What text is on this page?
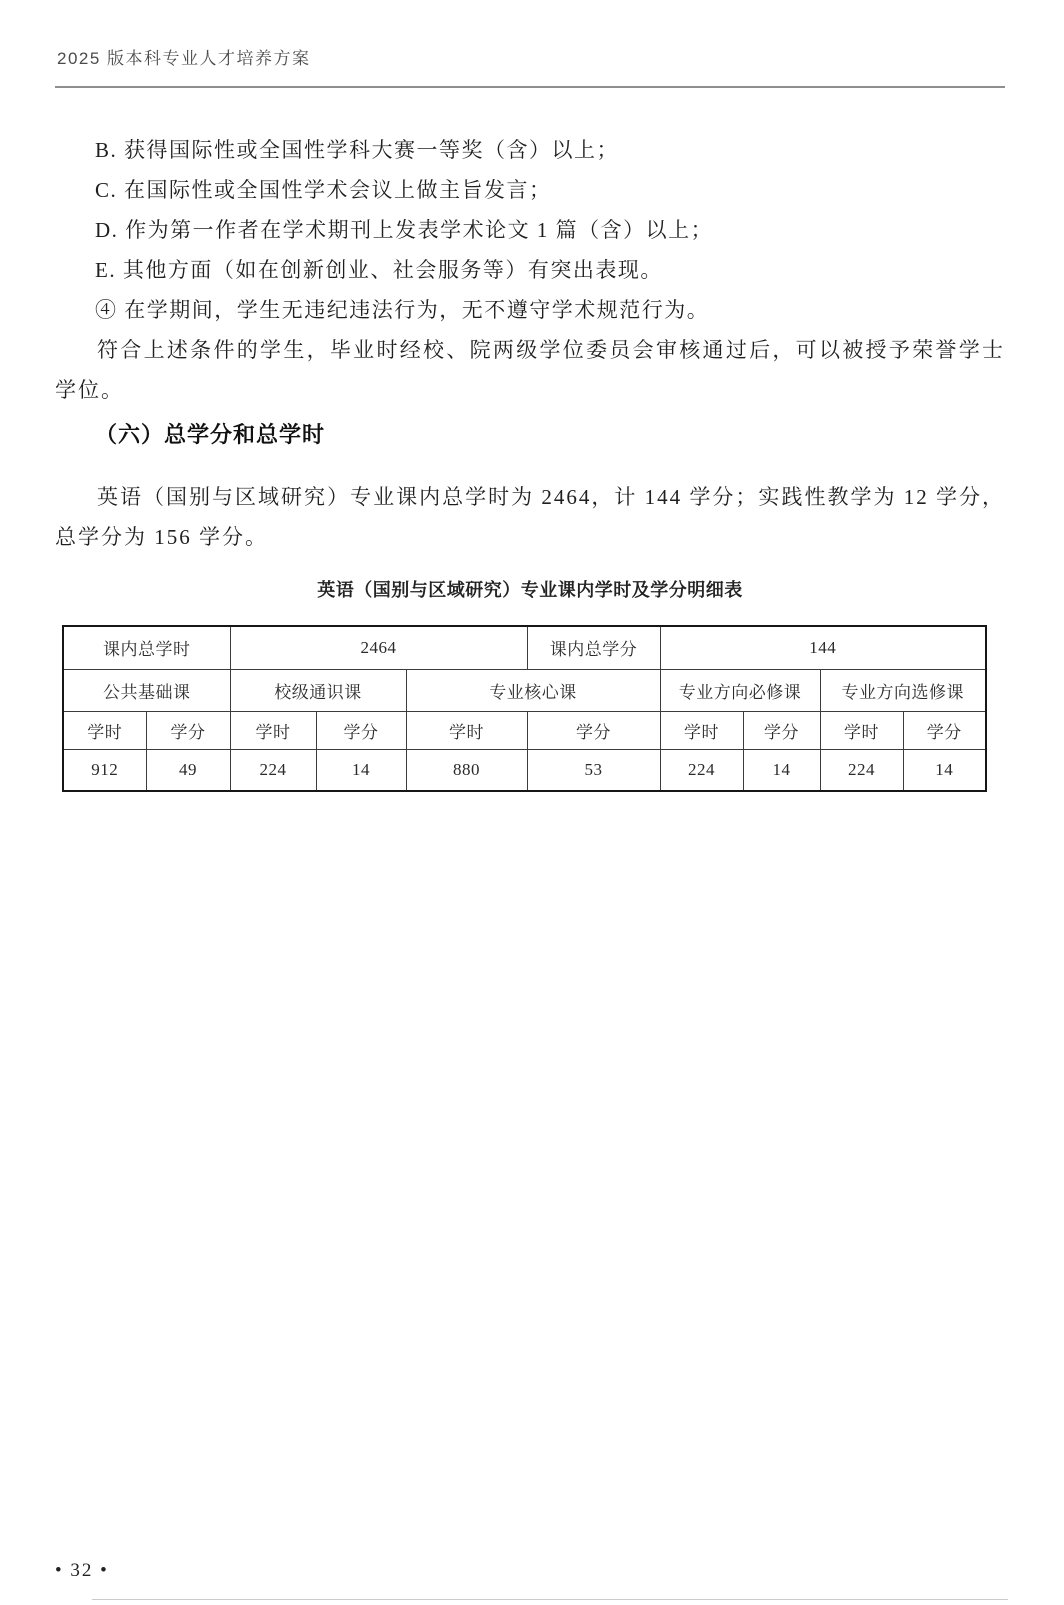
2025 版本科专业人才培养方案
B. 获得国际性或全国性学科大赛一等奖（含）以上；
C. 在国际性或全国性学术会议上做主旨发言；
D. 作为第一作者在学术期刊上发表学术论文 1 篇（含）以上；
E. 其他方面（如在创新创业、社会服务等）有突出表现。
④ 在学期间，学生无违纪违法行为，无不遵守学术规范行为。

符合上述条件的学生，毕业时经校、院两级学位委员会审核通过后，可以被授予荣誉学士学位。

（六）总学分和总学时

英语（国别与区域研究）专业课内总学时为 2464，计 144 学分；实践性教学为 12 学分，总学分为 156 学分。

英语（国别与区域研究）专业课内学时及学分明细表
课内总学时		2464			课内总学分	144			
公共基础课		校级通识课		专业核心课		专业方向必修课		专业方向选修课	
学时	学分	学时	学分	学时	学分	学时	学分	学时	学分
912	49	224	14	880	53	224	14	224	14
• 32 •
